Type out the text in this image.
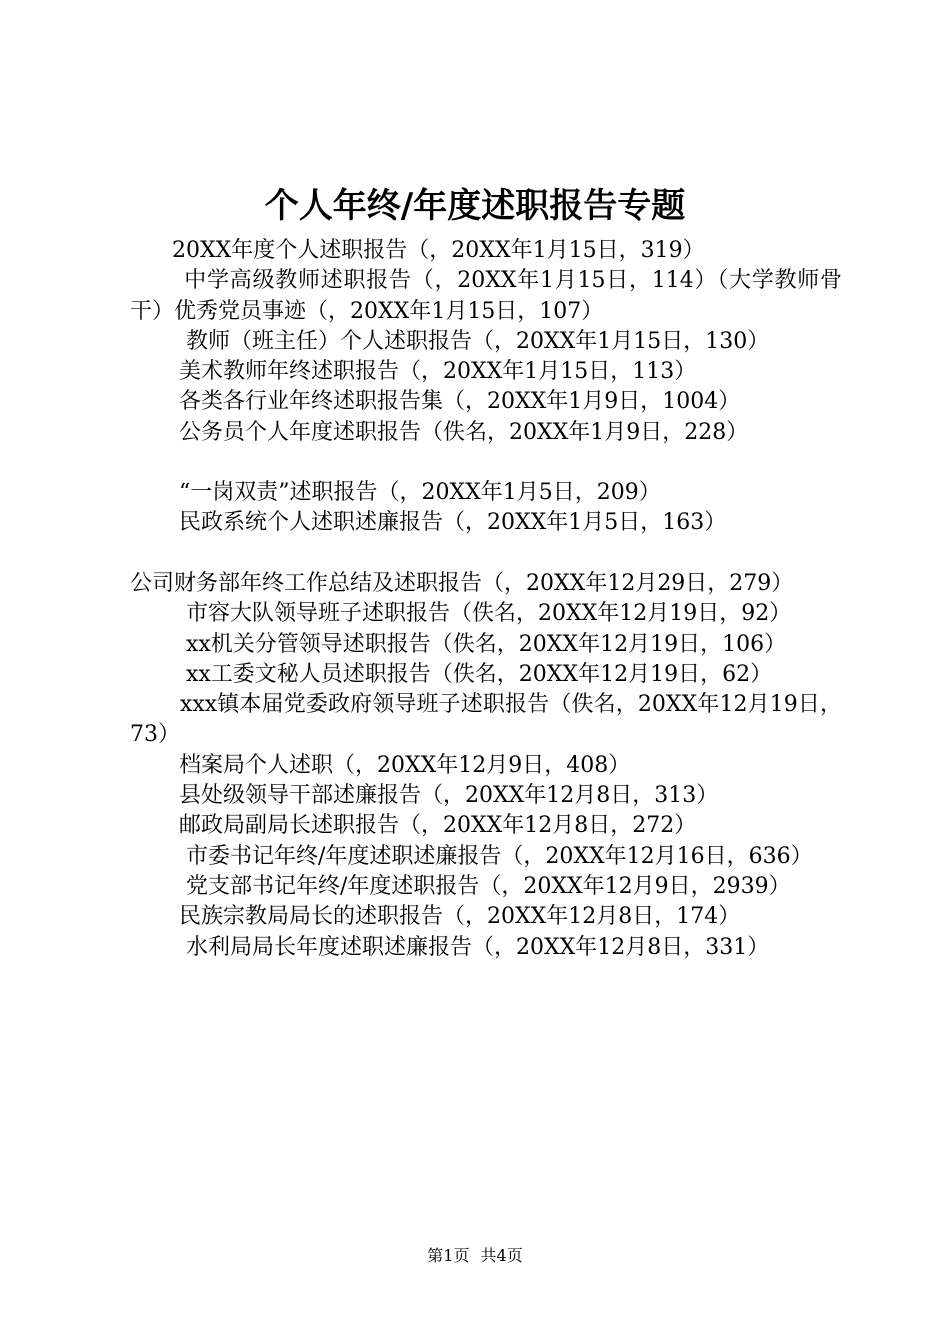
个人年终/年度述职报告专题
20XX年度个人述职报告（，20XX年1月15日，319）
中学高级教师述职报告（，20XX年1月15日，114）（大学教师骨干）优秀党员事迹（，20XX年1月15日，107）
教师（班主任）个人述职报告（，20XX年1月15日，130）
美术教师年终述职报告（，20XX年1月15日，113）
各类各行业年终述职报告集（，20XX年1月9日，1004）
公务员个人年度述职报告（佚名，20XX年1月9日，228）
“一岗双责”述职报告（，20XX年1月5日，209）
民政系统个人述职述廉报告（，20XX年1月5日，163）
公司财务部年终工作总结及述职报告（，20XX年12月29日，279）
市容大队领导班子述职报告（佚名，20XX年12月19日，92）
xx机关分管领导述职报告（佚名，20XX年12月19日，106）
xx工委文秘人员述职报告（佚名，20XX年12月19日，62）
xxx镇本届党委政府领导班子述职报告（佚名，20XX年12月19日，73）
档案局个人述职（，20XX年12月9日，408）
县处级领导干部述廉报告（，20XX年12月8日，313）
邮政局副局长述职报告（，20XX年12月8日，272）
市委书记年终/年度述职述廉报告（，20XX年12月16日，636）
党支部书记年终/年度述职报告（，20XX年12月9日，2939）
民族宗教局局长的述职报告（，20XX年12月8日，174）
水利局局长年度述职述廉报告（，20XX年12月8日，331）
第1页 共4页
